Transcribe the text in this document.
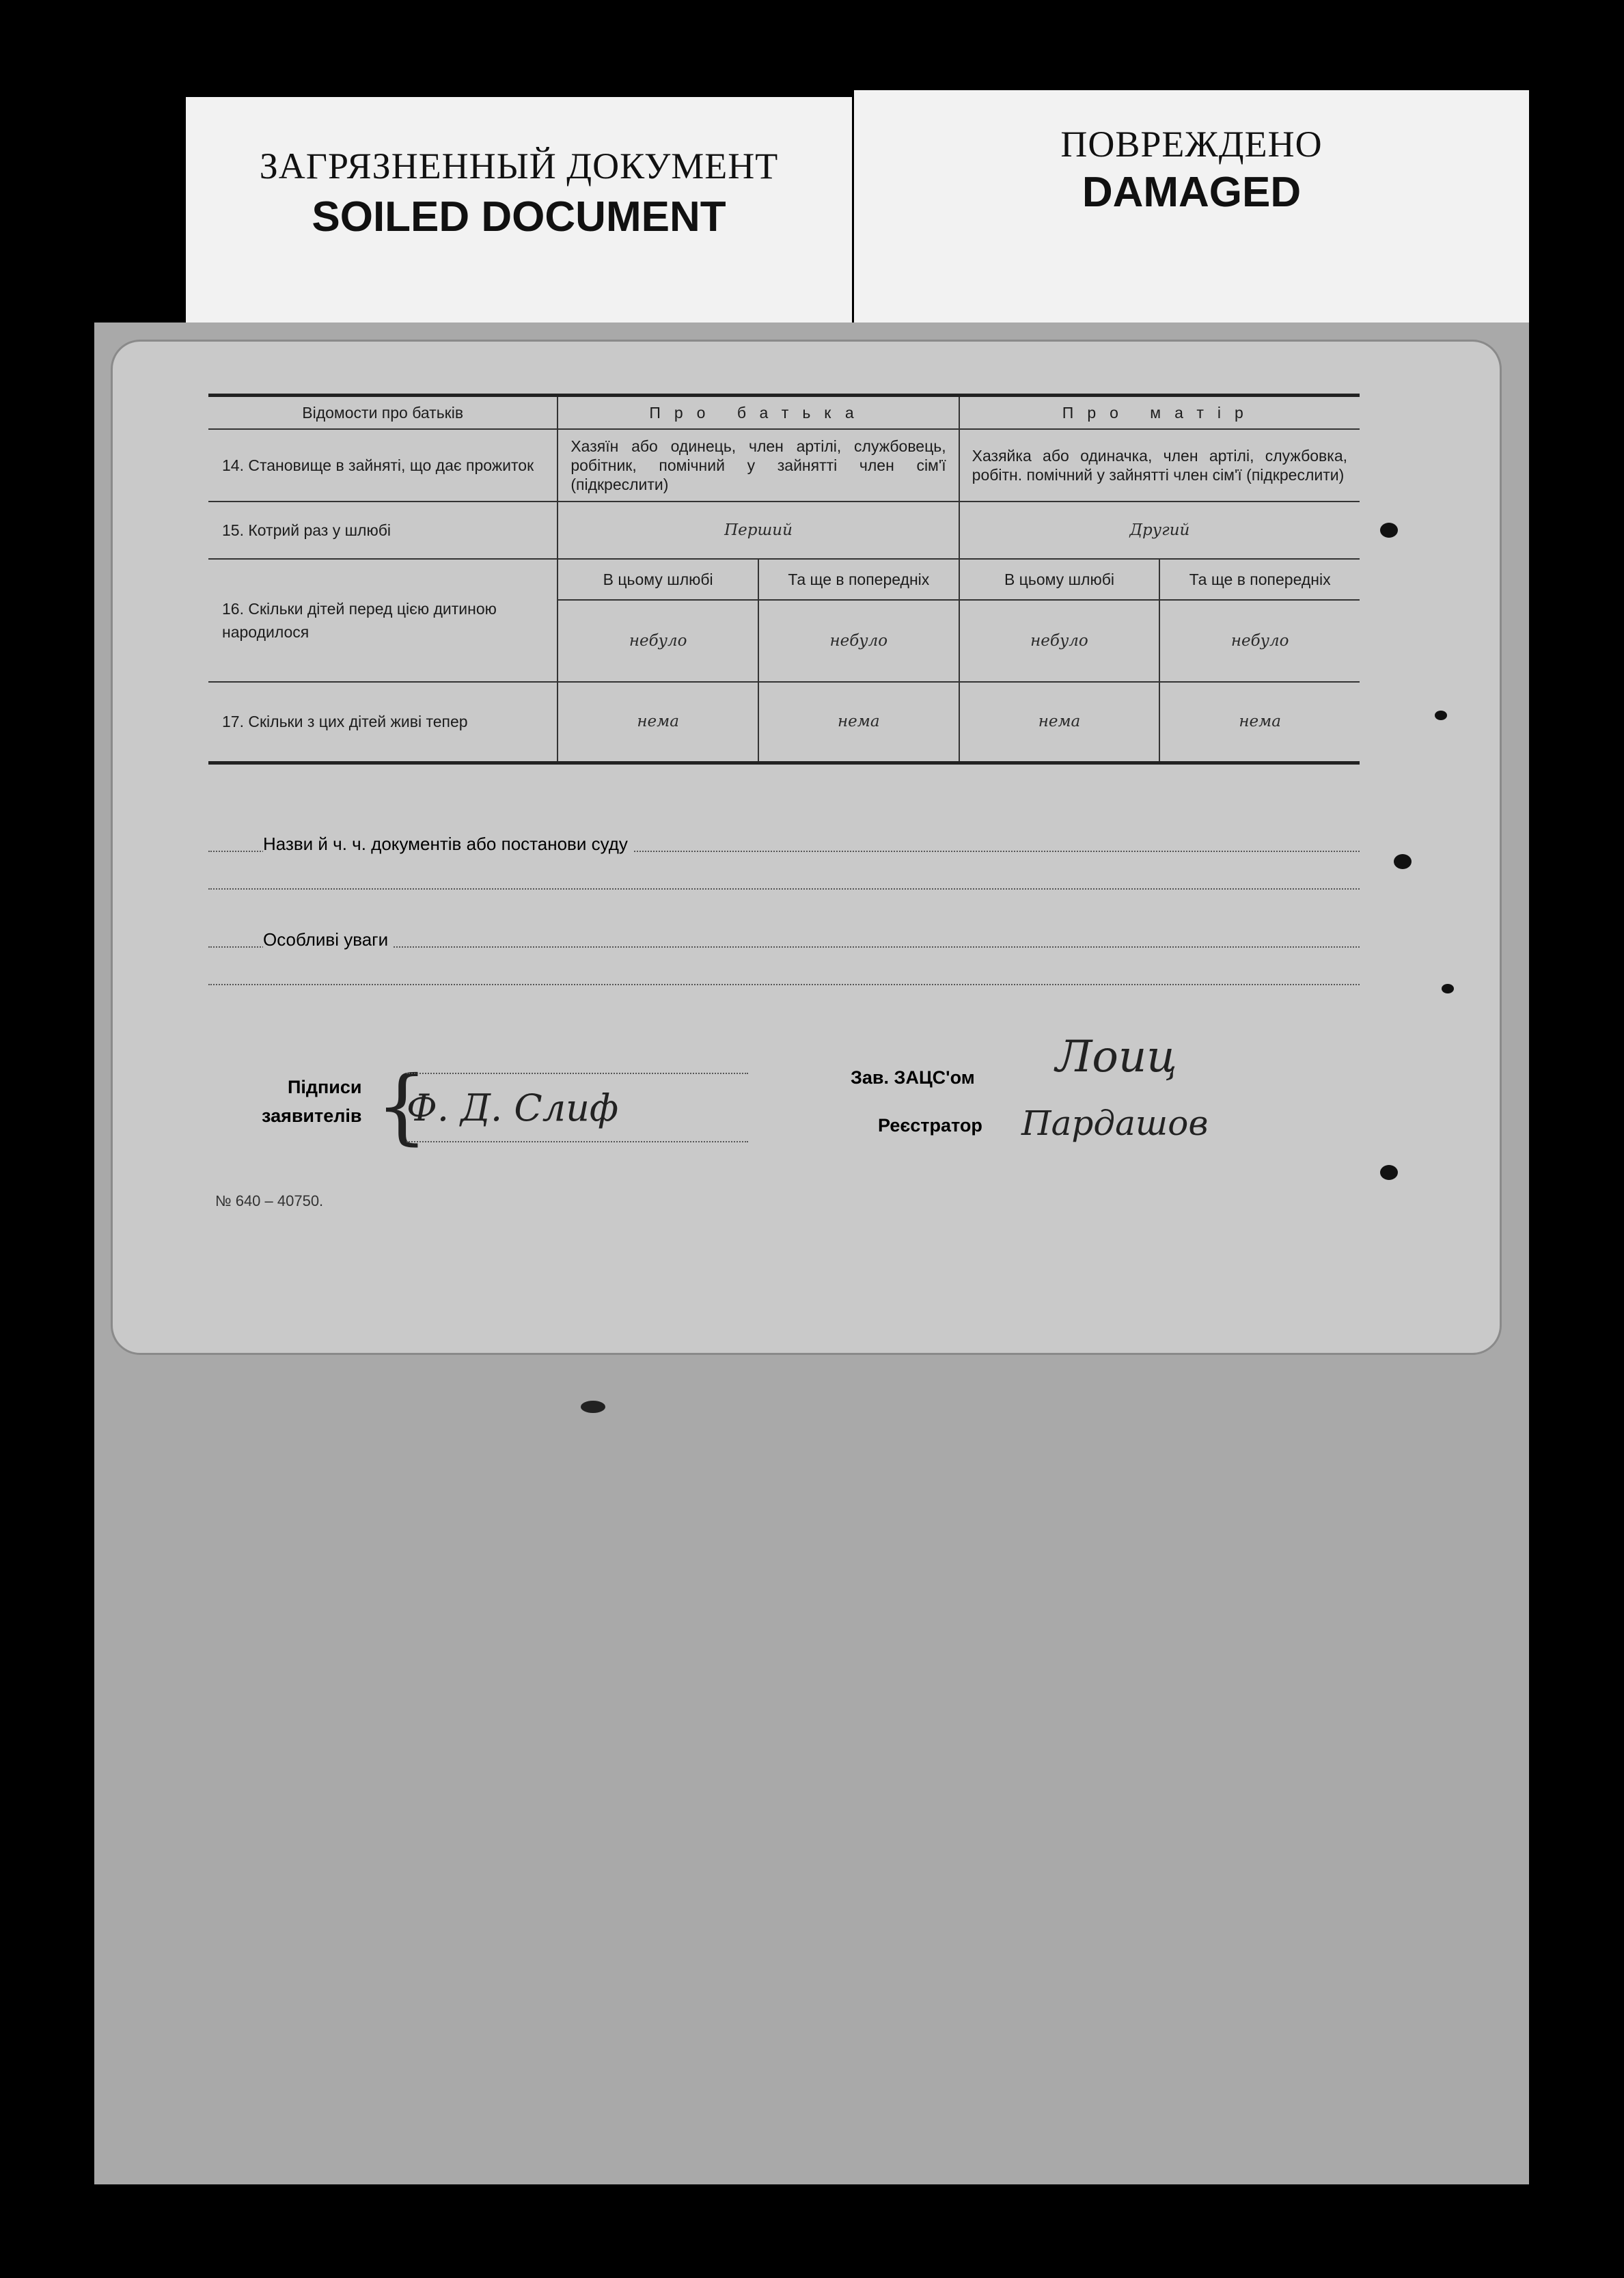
ЗАГРЯЗНЕННЫЙ ДОКУМЕНТ
SOILED DOCUMENT
ПОВРЕЖДЕНО
DAMAGED
Відомости про батьків	Про батька		Про матір	
14. Становище в зайняті, що дає прожиток	Хазяїн або одинець, член артілі, службовець, робітник, помічний у зайнятті член сім'ї (підкреслити)		Хазяйка або одиначка, член артілі, службовка, робітн. помічний у зайнятті член сім'ї (підкреслити)	
15. Котрий раз у шлюбі	Перший		Другий	
16. Скільки дітей перед цією дитиною народилося	В цьому шлюбі	Та ще в попередніх	В цьому шлюбі	Та ще в попередніх
	небуло	небуло	небуло	небуло
17. Скільки з цих дітей живі тепер	нема	нема	нема	нема
Назви й ч. ч. документів або постанови суду
Особливі уваги
Підписи
заявителів {
Ф. Д. Слиф
Зав. ЗАЦС'ом Лоиц
Реєстратор Пардашов
№ 640 – 40750.
